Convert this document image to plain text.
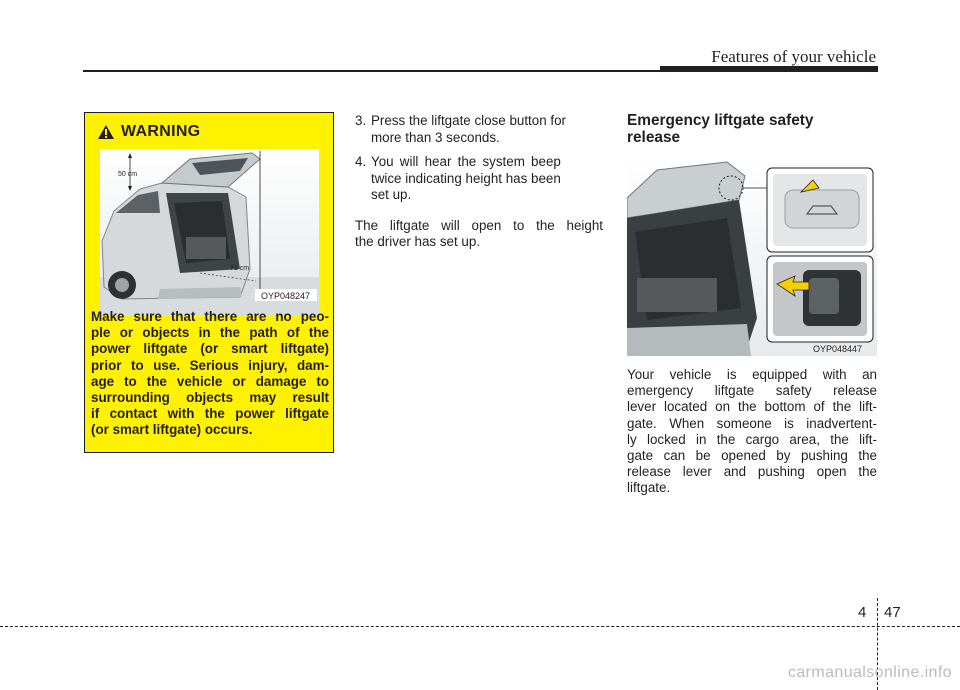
Features of your vehicle
WARNING
50 cm
71 cm
OYP048247

Make sure that there are no peo-

ple or objects in the path of the

power liftgate (or smart liftgate)

prior to use. Serious injury, dam-

age to the vehicle or damage to

surrounding objects may result

if contact with the power liftgate

(or smart liftgate) occurs.

3. Press the liftgate close button for

more than 3 seconds.

4. You will hear the system beep

twice indicating height has been

set up.

The liftgate will open to the height

the driver has set up.

Emergency liftgate safety
release
OYP048447

Your vehicle is equipped with an

emergency liftgate safety release

lever located on the bottom of the lift-

gate. When someone is inadvertent-

ly locked in the cargo area, the lift-

gate can be opened by pushing the

release lever and pushing open the

liftgate.

4 47
carmanualsonline.info
